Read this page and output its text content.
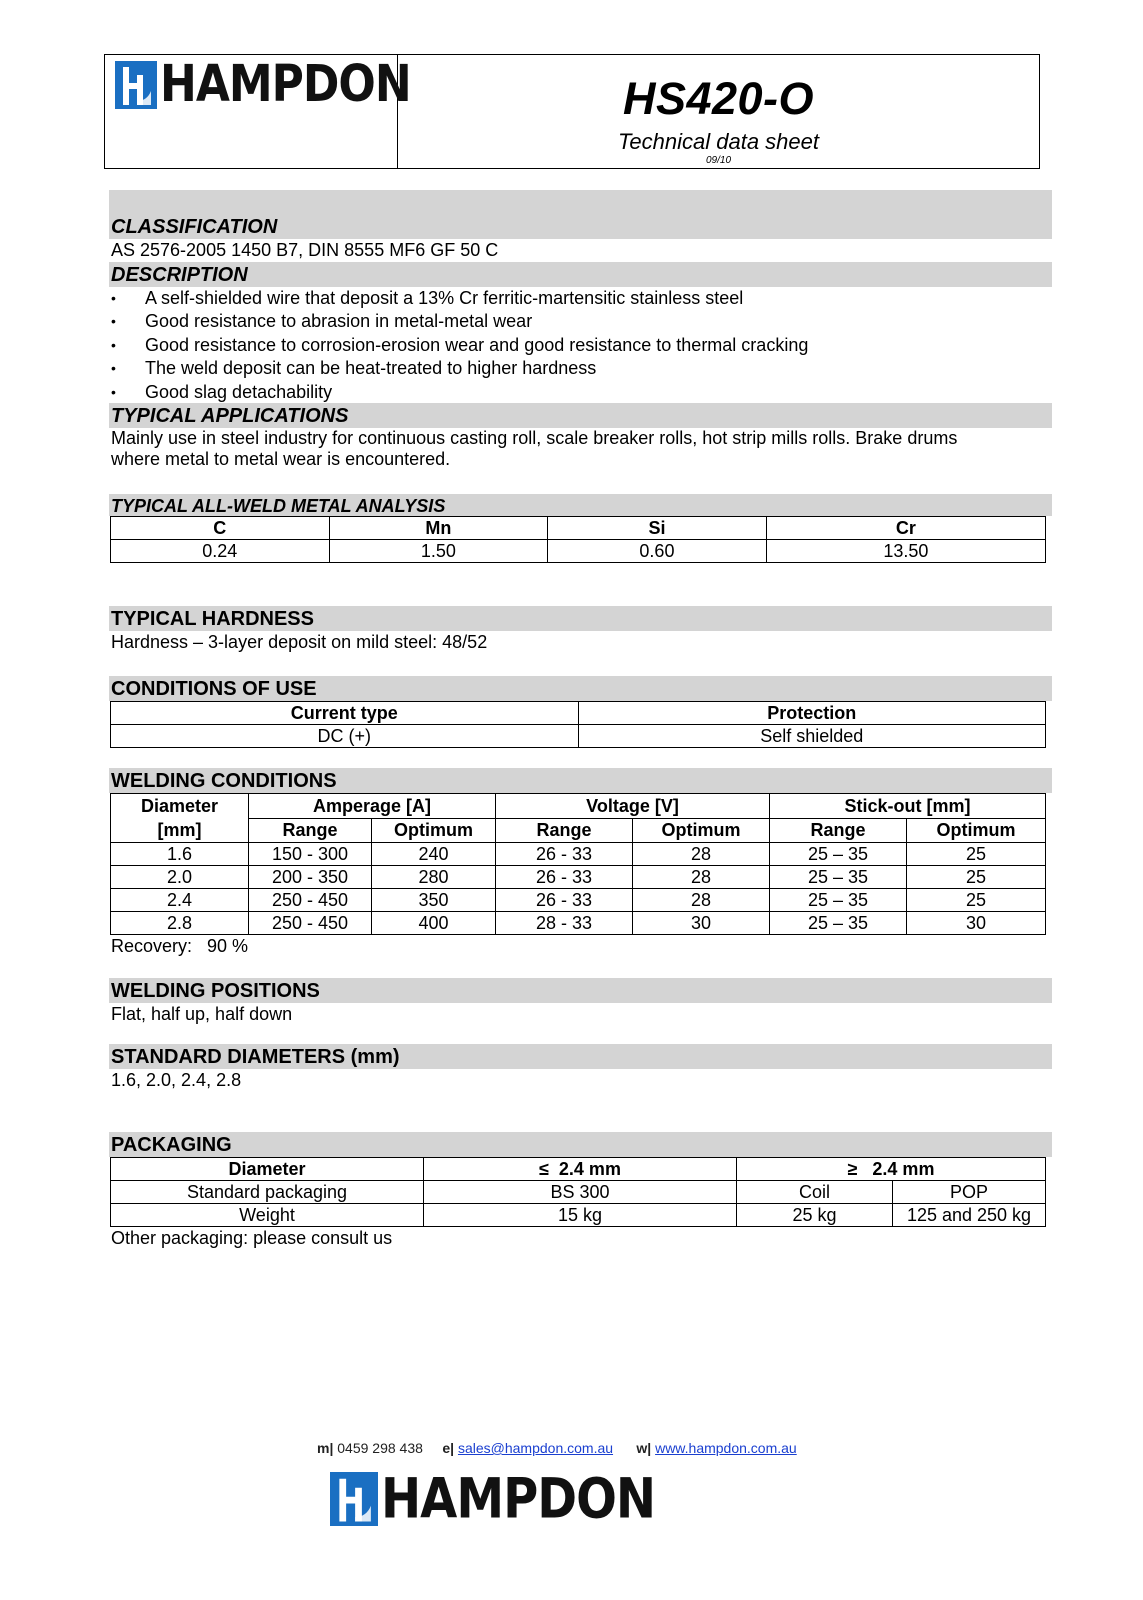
HAMPDON	HS420-O
Technical data sheet
09/10
CLASSIFICATION
AS 2576-2005 1450 B7, DIN 8555 MF6 GF 50 C
DESCRIPTION
• A self-shielded wire that deposit a 13% Cr ferritic-martensitic stainless steel
• Good resistance to abrasion in metal-metal wear
• Good resistance to corrosion-erosion wear and good resistance to thermal cracking
• The weld deposit can be heat-treated to higher hardness
• Good slag detachability
TYPICAL APPLICATIONS
Mainly use in steel industry for continuous casting roll, scale breaker rolls, hot strip mills rolls. Brake drums
where metal to metal wear is encountered.
TYPICAL ALL-WELD METAL ANALYSIS
C	Mn	Si	Cr
0.24	1.50	0.60	13.50
TYPICAL HARDNESS
Hardness – 3-layer deposit on mild steel: 48/52
CONDITIONS OF USE
Current type	Protection
DC (+)	Self shielded
WELDING CONDITIONS
Diameter
[mm]	Amperage [A]		Voltage [V]		Stick-out [mm]	
	Range	Optimum	Range	Optimum	Range	Optimum
1.6	150 - 300	240	26 - 33	28	25 – 35	25
2.0	200 - 350	280	26 - 33	28	25 – 35	25
2.4	250 - 450	350	26 - 33	28	25 – 35	25
2.8	250 - 450	400	28 - 33	30	25 – 35	30
Recovery:   90 %
WELDING POSITIONS
Flat, half up, half down
STANDARD DIAMETERS (mm)
1.6, 2.0, 2.4, 2.8
PACKAGING
Diameter	≤  2.4 mm	≥   2.4 mm	
Standard packaging	BS 300	Coil	POP
Weight	15 kg	25 kg	125 and 250 kg
Other packaging: please consult us
m| 0459 298 438 e| sales@hampdon.com.au w| www.hampdon.com.au
HAMPDON
